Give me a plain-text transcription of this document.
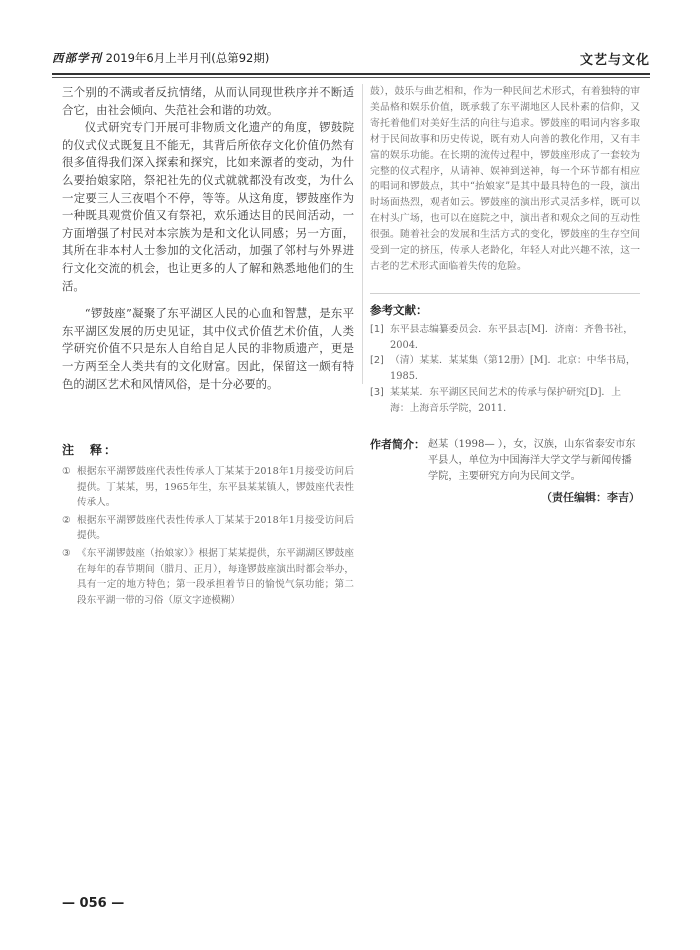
西部学刊 2019年6月上半月刊(总第92期)	文艺与文化

三个别的不满或者反抗情绪，从而认同现世秩序并不断适合它，由社会倾向、失范社会和谐的功效。

仪式研究专门开展可非物质文化遗产的角度，锣鼓院的仪式仪式既复且不能无，其背后所依存文化价值仍然有很多值得我们深入探索和探究，比如来源者的变动，为什么要抬娘家陪，祭祀社先的仪式就就都没有改变，为什么一定要三人三夜唱个不停，等等。从这角度，锣鼓座作为一种既具观赏价值又有祭祀，欢乐通达目的民间活动，一方面增强了村民对本宗族为是和文化认同感；另一方面，其所在非本村人士参加的文化活动，加强了邻村与外界进行文化交流的机会，也让更多的人了解和熟悉地他们的生活。

“锣鼓座”凝聚了东平湖区人民的心血和智慧，是东平东平湖区发展的历史见证，其中仪式价值艺术价值，人类学研究价值不只是东人自给自足人民的非物质遗产，更是一方两至全人类共有的文化财富。因此，保留这一颇有特色的湖区艺术和风情风俗，是十分必要的。

注　释：
① 根据东平湖锣鼓座代表性传承人丁某某于2018年1月接受访问后提供。丁某某，男，1965年生，东平县某某镇人，锣鼓座代表性传承人。
② 根据东平湖锣鼓座代表性传承人丁某某于2018年1月接受访问后提供。
③ 《东平湖锣鼓座（抬娘家）》根据丁某某提供，东平湖湖区锣鼓座在每年的春节期间（腊月、正月），每逢锣鼓座演出时都会举办，具有一定的地方特色；第一段承担着节日的愉悦气氛功能；第二段东平湖一带的习俗（原文字迹模糊）

鼓），鼓乐与曲艺相和，作为一种民间艺术形式，有着独特的审美品格和娱乐价值，既承载了东平湖地区人民朴素的信仰，又寄托着他们对美好生活的向往与追求。锣鼓座的唱词内容多取材于民间故事和历史传说，既有劝人向善的教化作用，又有丰富的娱乐功能。在长期的流传过程中，锣鼓座形成了一套较为完整的仪式程序，从请神、娱神到送神，每一个环节都有相应的唱词和锣鼓点，其中“抬娘家”是其中最具特色的一段，演出时场面热烈，观者如云。锣鼓座的演出形式灵活多样，既可以在村头广场，也可以在庭院之中，演出者和观众之间的互动性很强。随着社会的发展和生活方式的变化，锣鼓座的生存空间受到一定的挤压，传承人老龄化，年轻人对此兴趣不浓，这一古老的艺术形式面临着失传的危险。

参考文献：
[1] 东平县志编纂委员会．东平县志[M]．济南：齐鲁书社，2004．
[2] （清）某某．某某集（第12册）[M]．北京：中华书局，1985．
[3] 某某某．东平湖区民间艺术的传承与保护研究[D]．上海：上海音乐学院，2011．
作者简介： 赵某（1998— ），女，汉族，山东省泰安市东平县人，单位为中国海洋大学文学与新闻传播学院，主要研究方向为民间文学。
（责任编辑：李吉）
— 056 —
